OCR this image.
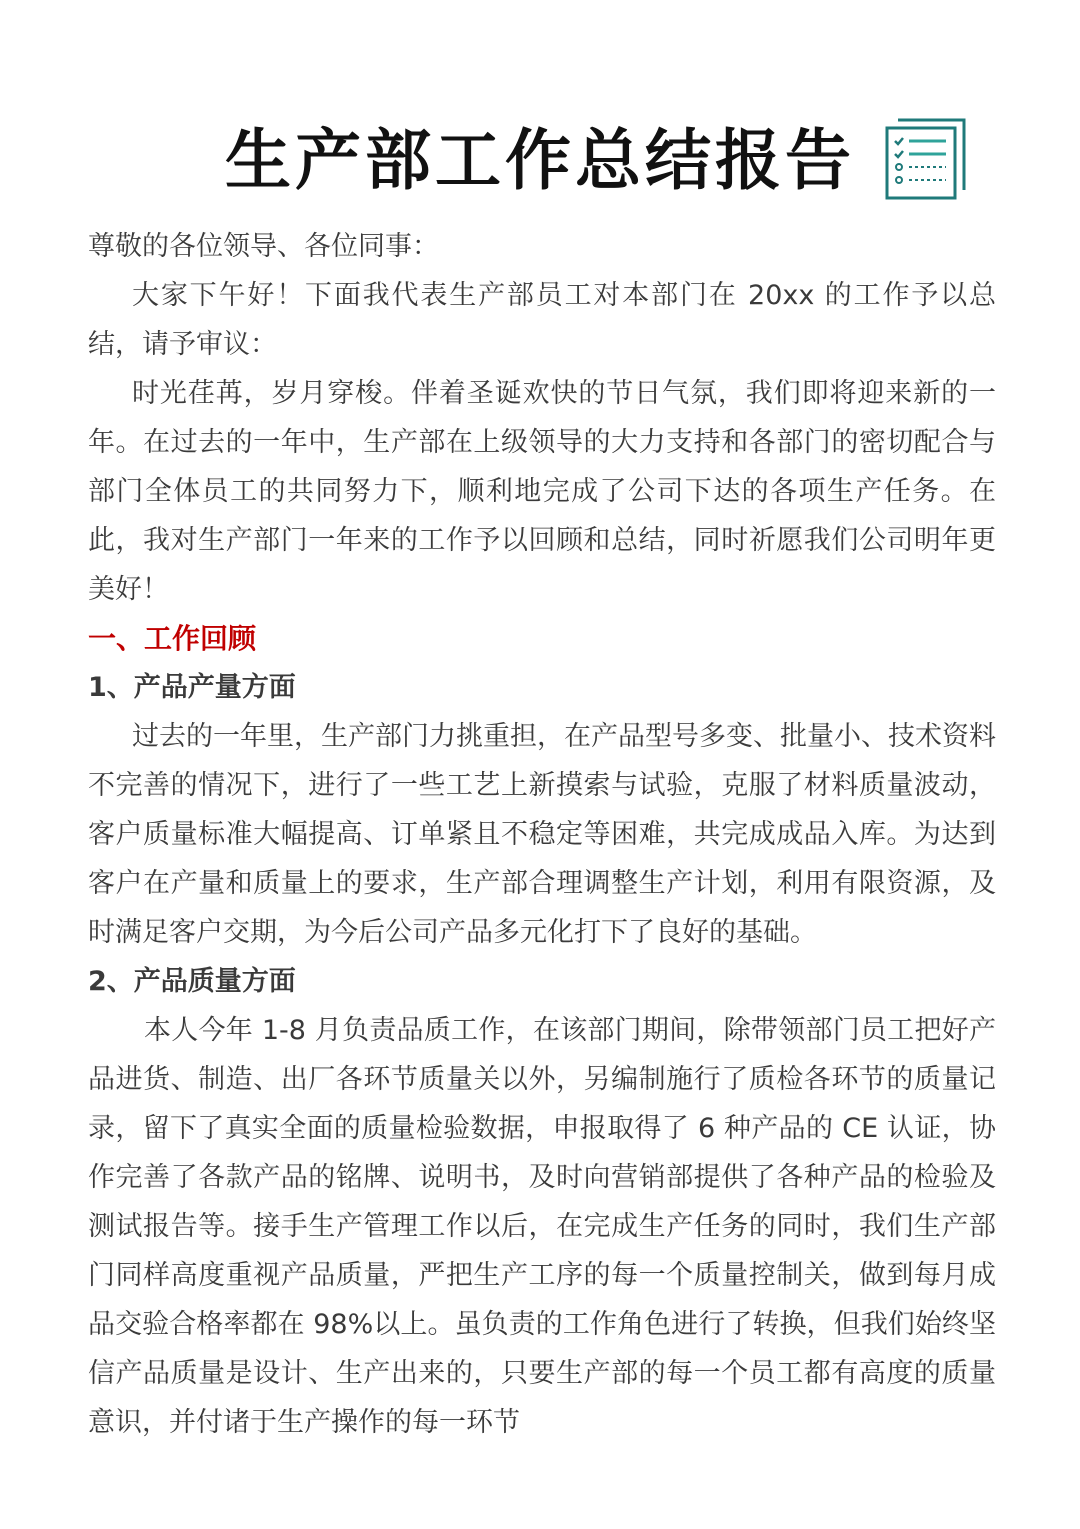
生产部工作总结报告

尊敬的各位领导、各位同事：

大家下午好！下面我代表生产部员工对本部门在 20xx 的工作予以总结，请予审议：

时光荏苒，岁月穿梭。伴着圣诞欢快的节日气氛，我们即将迎来新的一年。在过去的一年中，生产部在上级领导的大力支持和各部门的密切配合与部门全体员工的共同努力下，顺利地完成了公司下达的各项生产任务。在此，我对生产部门一年来的工作予以回顾和总结，同时祈愿我们公司明年更美好！

一、工作回顾

1、产品产量方面

过去的一年里，生产部门力挑重担，在产品型号多变、批量小、技术资料不完善的情况下，进行了一些工艺上新摸索与试验，克服了材料质量波动，客户质量标准大幅提高、订单紧且不稳定等困难，共完成成品入库。为达到客户在产量和质量上的要求，生产部合理调整生产计划，利用有限资源，及时满足客户交期，为今后公司产品多元化打下了良好的基础。

2、产品质量方面

本人今年 1-8 月负责品质工作，在该部门期间，除带领部门员工把好产品进货、制造、出厂各环节质量关以外，另编制施行了质检各环节的质量记录，留下了真实全面的质量检验数据，申报取得了 6 种产品的 CE 认证，协作完善了各款产品的铭牌、说明书，及时向营销部提供了各种产品的检验及测试报告等。接手生产管理工作以后，在完成生产任务的同时，我们生产部门同样高度重视产品质量，严把生产工序的每一个质量控制关，做到每月成品交验合格率都在 98%以上。虽负责的工作角色进行了转换，但我们始终坚信产品质量是设计、生产出来的，只要生产部的每一个员工都有高度的质量意识，并付诸于生产操作的每一环节
